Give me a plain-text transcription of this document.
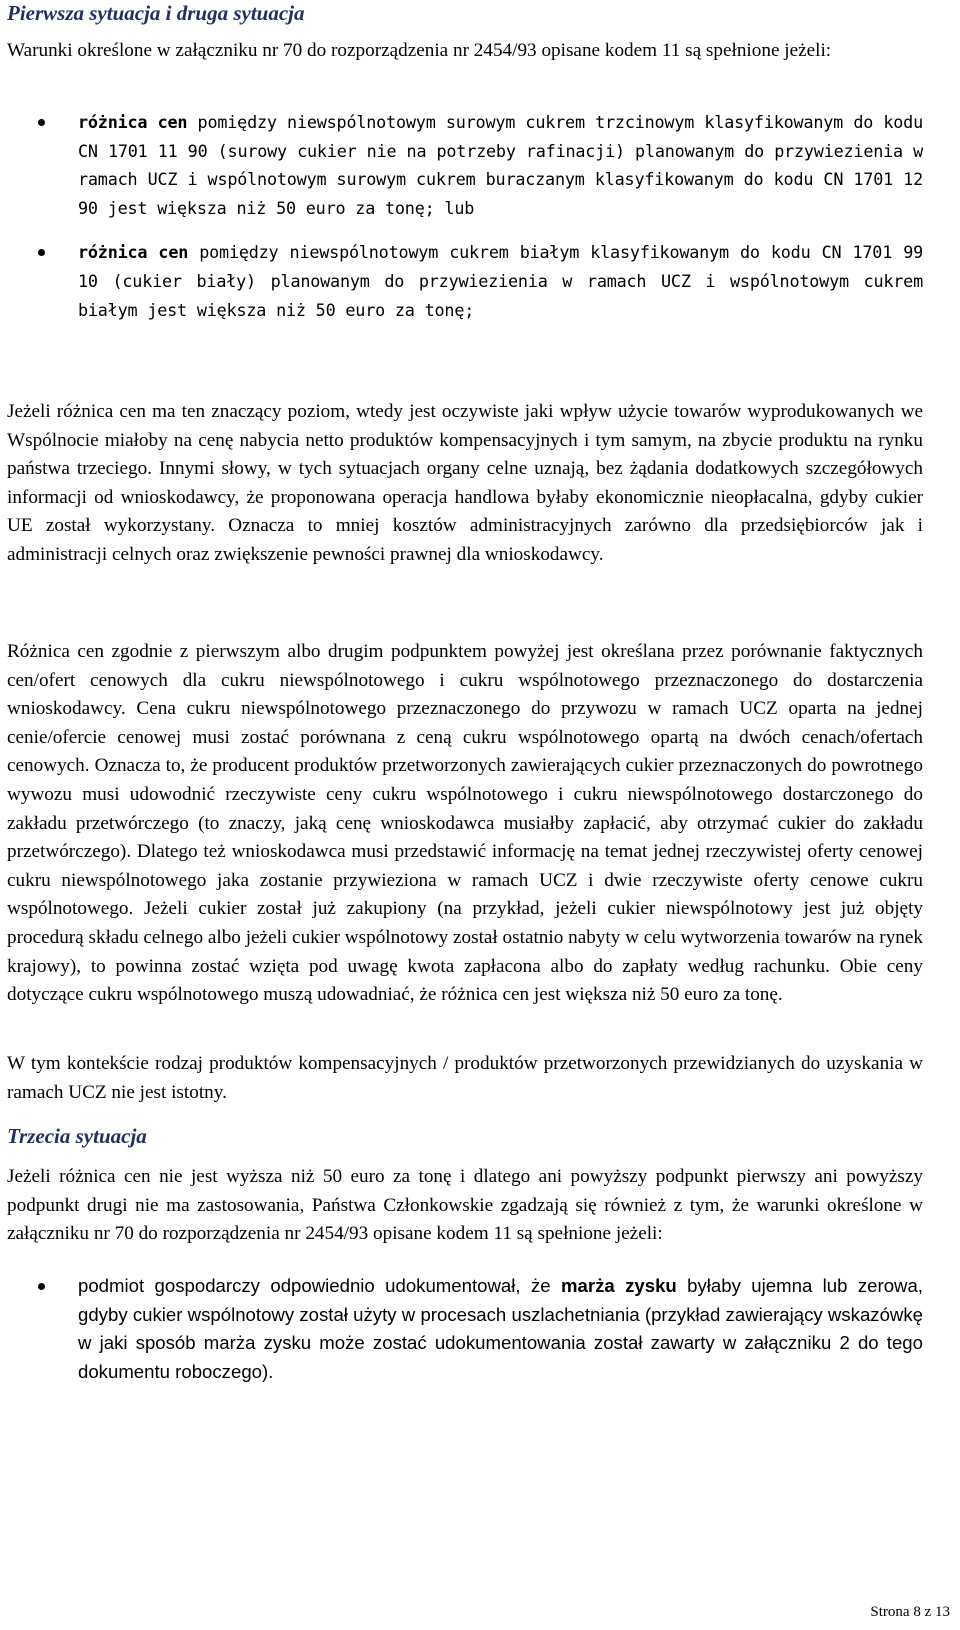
Pierwsza sytuacja i druga sytuacja

Warunki określone w załączniku nr 70 do rozporządzenia nr 2454/93 opisane kodem 11 są spełnione jeżeli:

różnica cen pomiędzy niewspólnotowym surowym cukrem trzcinowym klasyfikowanym do kodu CN 1701 11 90 (surowy cukier nie na potrzeby rafinacji) planowanym do przywiezienia w ramach UCZ i wspólnotowym surowym cukrem buraczanym klasyfikowanym do kodu CN 1701 12 90 jest większa niż 50 euro za tonę; lub

różnica cen pomiędzy niewspólnotowym cukrem białym klasyfikowanym do kodu CN 1701 99 10 (cukier biały) planowanym do przywiezienia w ramach UCZ i wspólnotowym cukrem białym jest większa niż 50 euro za tonę;

Jeżeli różnica cen ma ten znaczący poziom, wtedy jest oczywiste jaki wpływ użycie towarów wyprodukowanych we Wspólnocie miałoby na cenę nabycia netto produktów kompensacyjnych i tym samym, na zbycie produktu na rynku państwa trzeciego. Innymi słowy, w tych sytuacjach organy celne uznają, bez żądania dodatkowych szczegółowych informacji od wnioskodawcy, że proponowana operacja handlowa byłaby ekonomicznie nieopłacalna, gdyby cukier UE został wykorzystany. Oznacza to mniej kosztów administracyjnych zarówno dla przedsiębiorców jak i administracji celnych oraz zwiększenie pewności prawnej dla wnioskodawcy.

Różnica cen zgodnie z pierwszym albo drugim podpunktem powyżej jest określana przez porównanie faktycznych cen/ofert cenowych dla cukru niewspólnotowego i cukru wspólnotowego przeznaczonego do dostarczenia wnioskodawcy. Cena cukru niewspólnotowego przeznaczonego do przywozu w ramach UCZ oparta na jednej cenie/ofercie cenowej musi zostać porównana z ceną cukru wspólnotowego opartą na dwóch cenach/ofertach cenowych. Oznacza to, że producent produktów przetworzonych zawierających cukier przeznaczonych do powrotnego wywozu musi udowodnić rzeczywiste ceny cukru wspólnotowego i cukru niewspólnotowego dostarczonego do zakładu przetwórczego (to znaczy, jaką cenę wnioskodawca musiałby zapłacić, aby otrzymać cukier do zakładu przetwórczego). Dlatego też wnioskodawca musi przedstawić informację na temat jednej rzeczywistej oferty cenowej cukru niewspólnotowego jaka zostanie przywieziona w ramach UCZ i dwie rzeczywiste oferty cenowe cukru wspólnotowego. Jeżeli cukier został już zakupiony (na przykład, jeżeli cukier niewspólnotowy jest już objęty procedurą składu celnego albo jeżeli cukier wspólnotowy został ostatnio nabyty w celu wytworzenia towarów na rynek krajowy), to powinna zostać wzięta pod uwagę kwota zapłacona albo do zapłaty według rachunku. Obie ceny dotyczące cukru wspólnotowego muszą udowadniać, że różnica cen jest większa niż 50 euro za tonę.

W tym kontekście rodzaj produktów kompensacyjnych / produktów przetworzonych przewidzianych do uzyskania w ramach UCZ nie jest istotny.

Trzecia sytuacja

Jeżeli różnica cen nie jest wyższa niż 50 euro za tonę i dlatego ani powyższy podpunkt pierwszy ani powyższy podpunkt drugi nie ma zastosowania, Państwa Członkowskie zgadzają się również z tym, że warunki określone w załączniku nr 70 do rozporządzenia nr 2454/93 opisane kodem 11 są spełnione jeżeli:

podmiot gospodarczy odpowiednio udokumentował, że marża zysku byłaby ujemna lub zerowa, gdyby cukier wspólnotowy został użyty w procesach uszlachetniania (przykład zawierający wskazówkę w jaki sposób marża zysku może zostać udokumentowania został zawarty w załączniku 2 do tego dokumentu roboczego).

Strona 8 z 13
